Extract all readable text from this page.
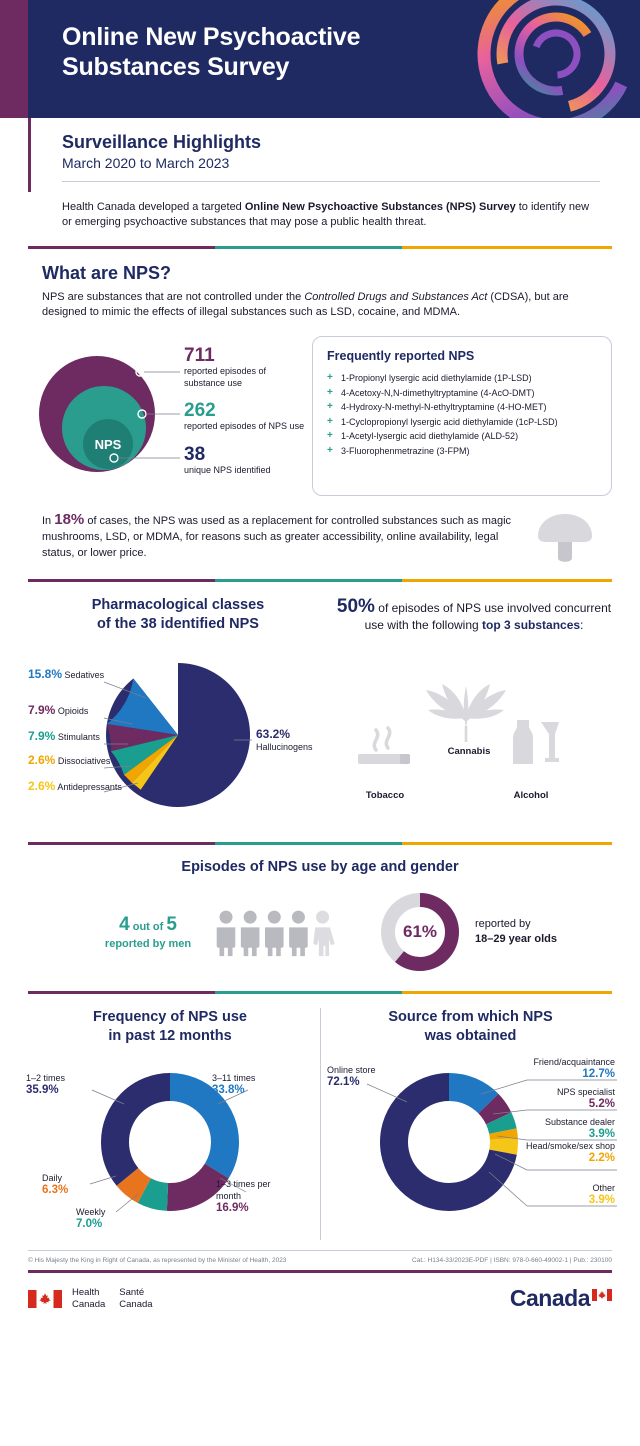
Online New Psychoactive Substances Survey
Surveillance Highlights

March 2020 to March 2023

Health Canada developed a targeted Online New Psychoactive Substances (NPS) Survey to identify new or emerging psychoactive substances that may pose a public health threat.

What are NPS?

NPS are substances that are not controlled under the Controlled Drugs and Substances Act (CDSA), but are designed to mimic the effects of illegal substances such as LSD, cocaine, and MDMA.

NPS
711
reported episodes of substance use
262
reported episodes of NPS use
38
unique NPS identified
Frequently reported NPS
+ 1-Propionyl lysergic acid diethylamide (1P-LSD)
+ 4-Acetoxy-N,N-dimethyltryptamine (4-AcO-DMT)
+ 4-Hydroxy-N-methyl-N-ethyltryptamine (4-HO-MET)
+ 1-Cyclopropionyl lysergic acid diethylamide (1cP-LSD)
+ 1-Acetyl-lysergic acid diethylamide (ALD-52)
+ 3-Fluorophenmetrazine (3-FPM)
In 18% of cases, the NPS was used as a replacement for controlled substances such as magic mushrooms, LSD, or MDMA, for reasons such as greater accessibility, online availability, legal status, or lower price.
Pharmacological classes
of the 38 identified NPS
15.8% Sedatives
7.9% Opioids
7.9% Stimulants
2.6% Dissociatives
2.6% Antidepressants
63.2% Hallucinogens
50% of episodes of NPS use involved concurrent use with the following top 3 substances:
Cannabis
Tobacco	Alcohol
Episodes of NPS use by age and gender
4 out of 5
reported by men
61%	reported by
18–29 year olds
Frequency of NPS use
in past 12 months
1–2 times
35.9%
3–11 times
33.8%
1–3 times per month
16.9%
Weekly
7.0%
Daily
6.3%
Source from which NPS
was obtained
Online store
72.1%
Friend/acquaintance
12.7%
NPS specialist
5.2%
Substance dealer
3.9%
Head/smoke/sex shop
2.2%
Other
3.9%
© His Majesty the King in Right of Canada, as represented by the Minister of Health, 2023	Cat.: H134-33/2023E-PDF | ISBN: 978-0-660-49002-1 | Pub.: 230100
Health
Canada
Santé
Canada	Canada
